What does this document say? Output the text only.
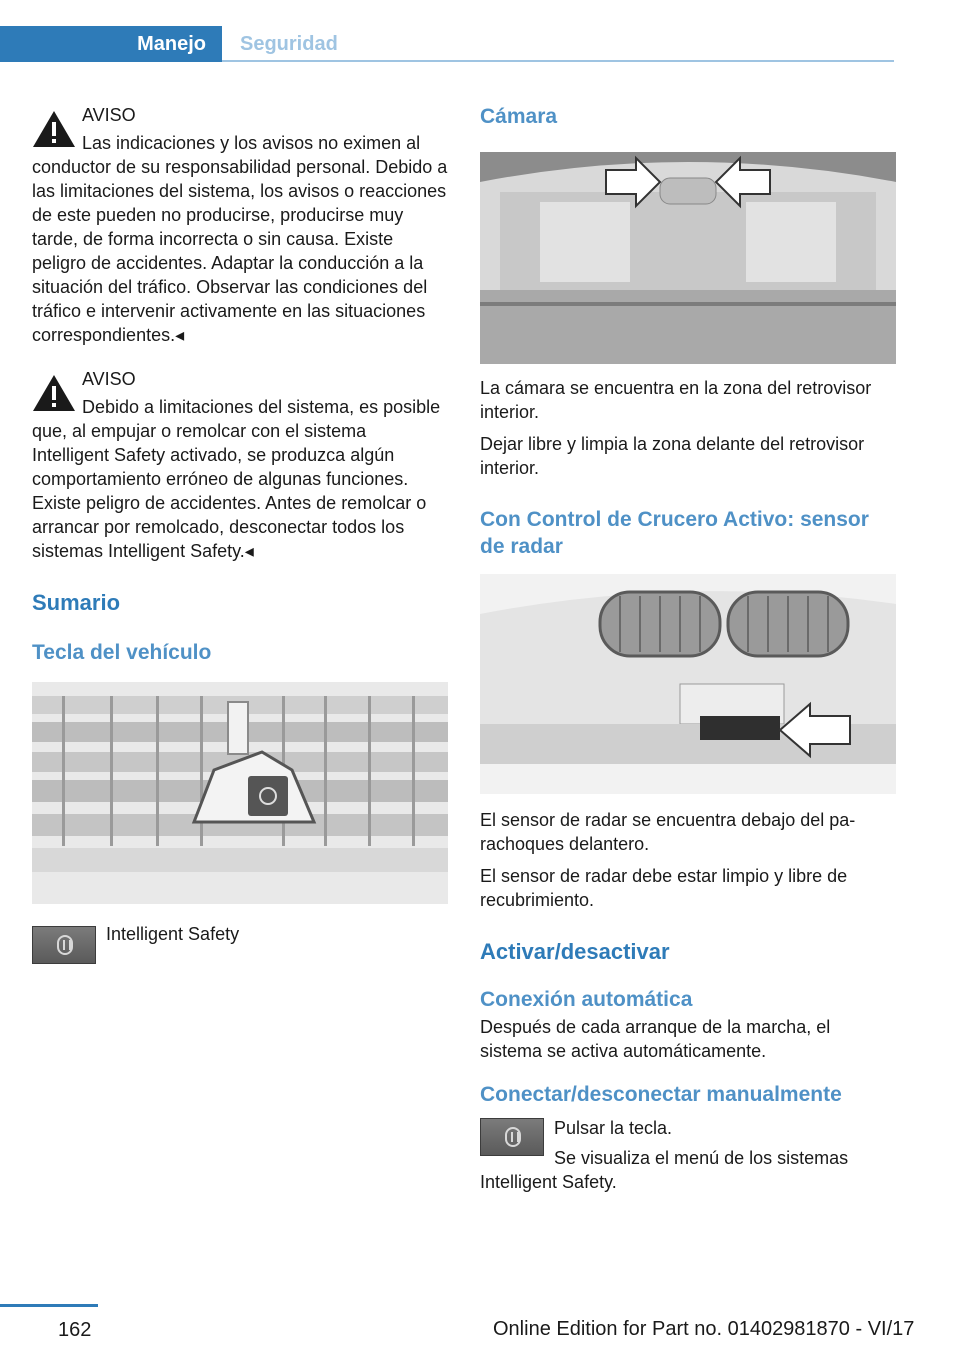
Manejo Seguridad

AVISO

Las indicaciones y los avisos no eximen al conductor de su responsabilidad personal. Debido a las limitaciones del sistema, los avisos o reacciones de este pueden no producirse, producirse muy tarde, de forma incorrecta o sin causa. Existe peligro de accidentes. Adaptar la conducción a la situación del tráfico. Observar las condiciones del tráfico e intervenir activamente en las situaciones correspondientes.◂

AVISO

Debido a limitaciones del sistema, es posible que, al empujar o remolcar con el sistema Intelligent Safety activado, se produzca algún comportamiento erróneo de algunas funciones. Existe peligro de accidentes. Antes de remolcar o arrancar por remolcado, desconectar todos los sistemas Intelligent Safety.◂

Sumario

Tecla del vehículo

Intelligent Safety

Cámara

La cámara se encuentra en la zona del retrovisor interior.

Dejar libre y limpia la zona delante del retrovisor interior.

Con Control de Crucero Activo: sensor de radar

El sensor de radar se encuentra debajo del parachoques delantero.

El sensor de radar debe estar limpio y libre de recubrimiento.

Activar/desactivar

Conexión automática

Después de cada arranque de la marcha, el sistema se activa automáticamente.

Conectar/desconectar manualmente

Pulsar la tecla.

Se visualiza el menú de los sistemas Intelligent Safety.

162	Online Edition for Part no. 01402981870 - VI/17
